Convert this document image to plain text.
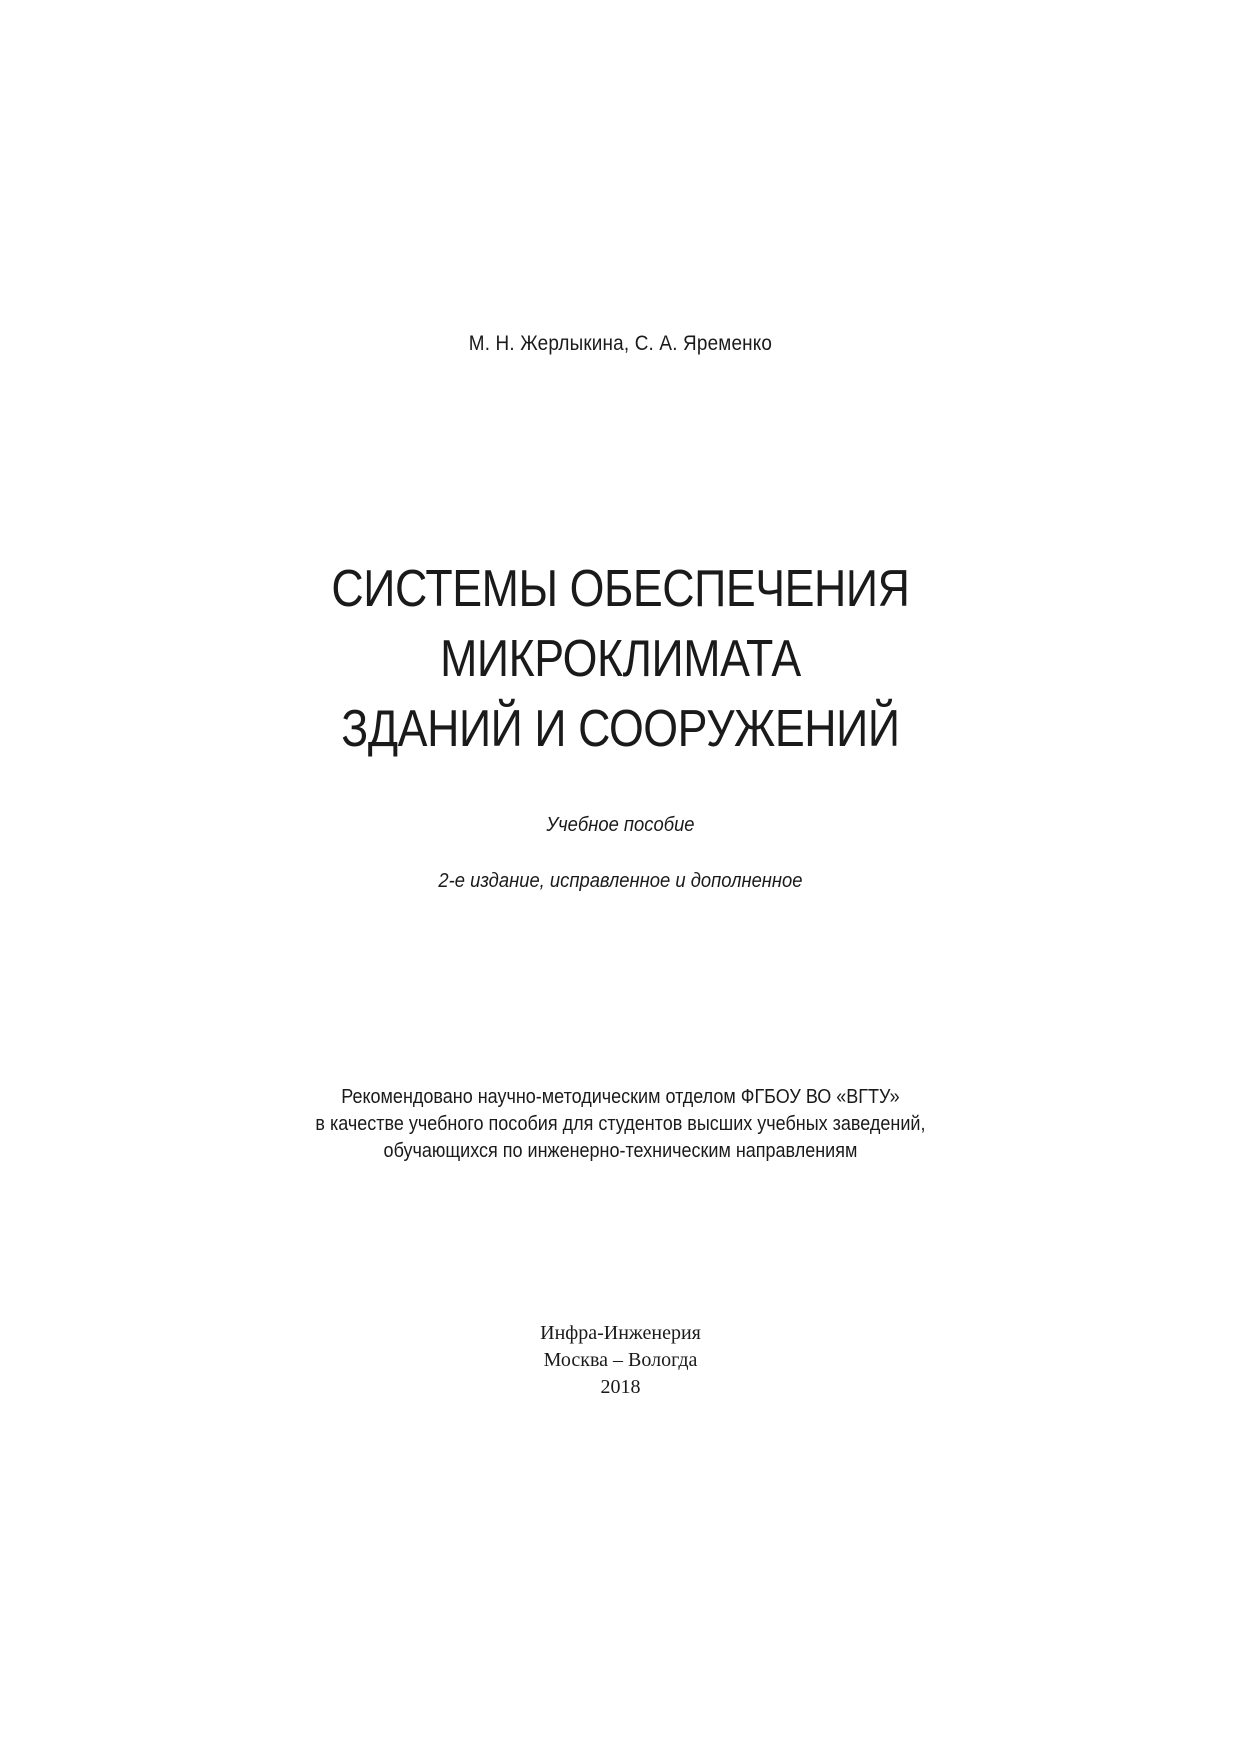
М. Н. Жерлыкина, С. А. Яременко
СИСТЕМЫ ОБЕСПЕЧЕНИЯ
МИКРОКЛИМАТА
ЗДАНИЙ И СООРУЖЕНИЙ
Учебное пособие
2-е издание, исправленное и дополненное
Рекомендовано научно-методическим отделом ФГБОУ ВО «ВГТУ»
в качестве учебного пособия для студентов высших учебных заведений,
обучающихся по инженерно-техническим направлениям
Инфра-Инженерия
Москва – Вологда
2018
